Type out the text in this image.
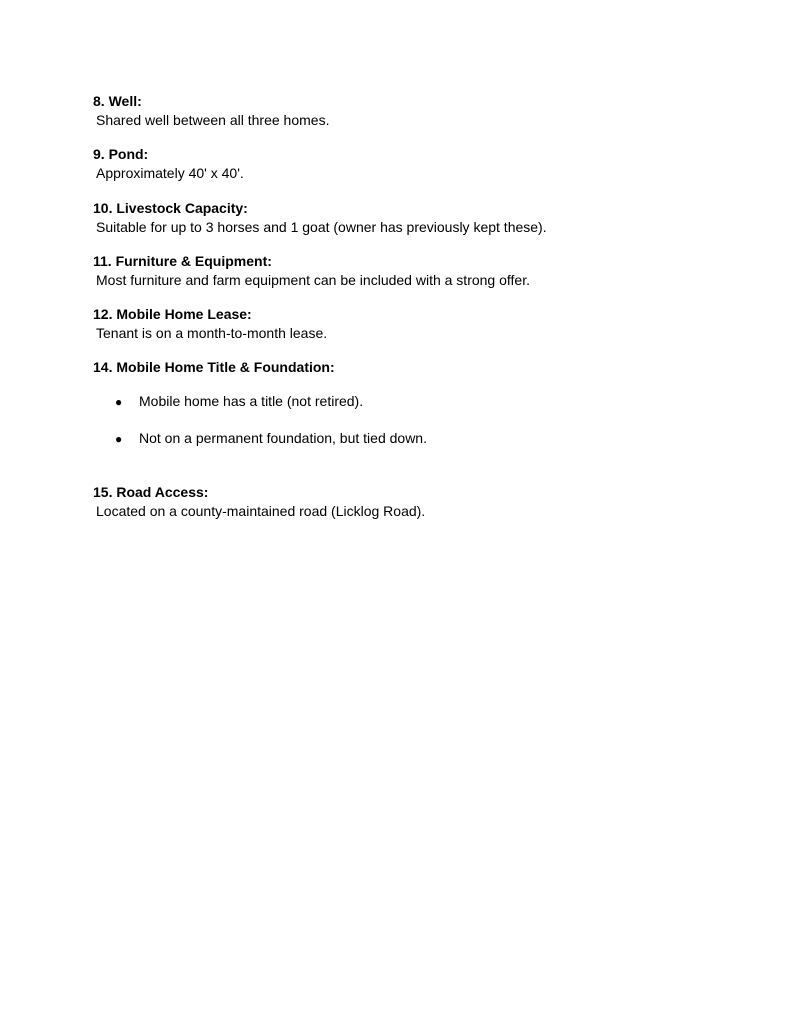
8. Well:
Shared well between all three homes.
9. Pond:
Approximately 40' x 40'.
10. Livestock Capacity:
Suitable for up to 3 horses and 1 goat (owner has previously kept these).
11. Furniture & Equipment:
Most furniture and farm equipment can be included with a strong offer.
12. Mobile Home Lease:
Tenant is on a month-to-month lease.
14. Mobile Home Title & Foundation:
● Mobile home has a title (not retired).
● Not on a permanent foundation, but tied down.
15. Road Access:
Located on a county-maintained road (Licklog Road).
